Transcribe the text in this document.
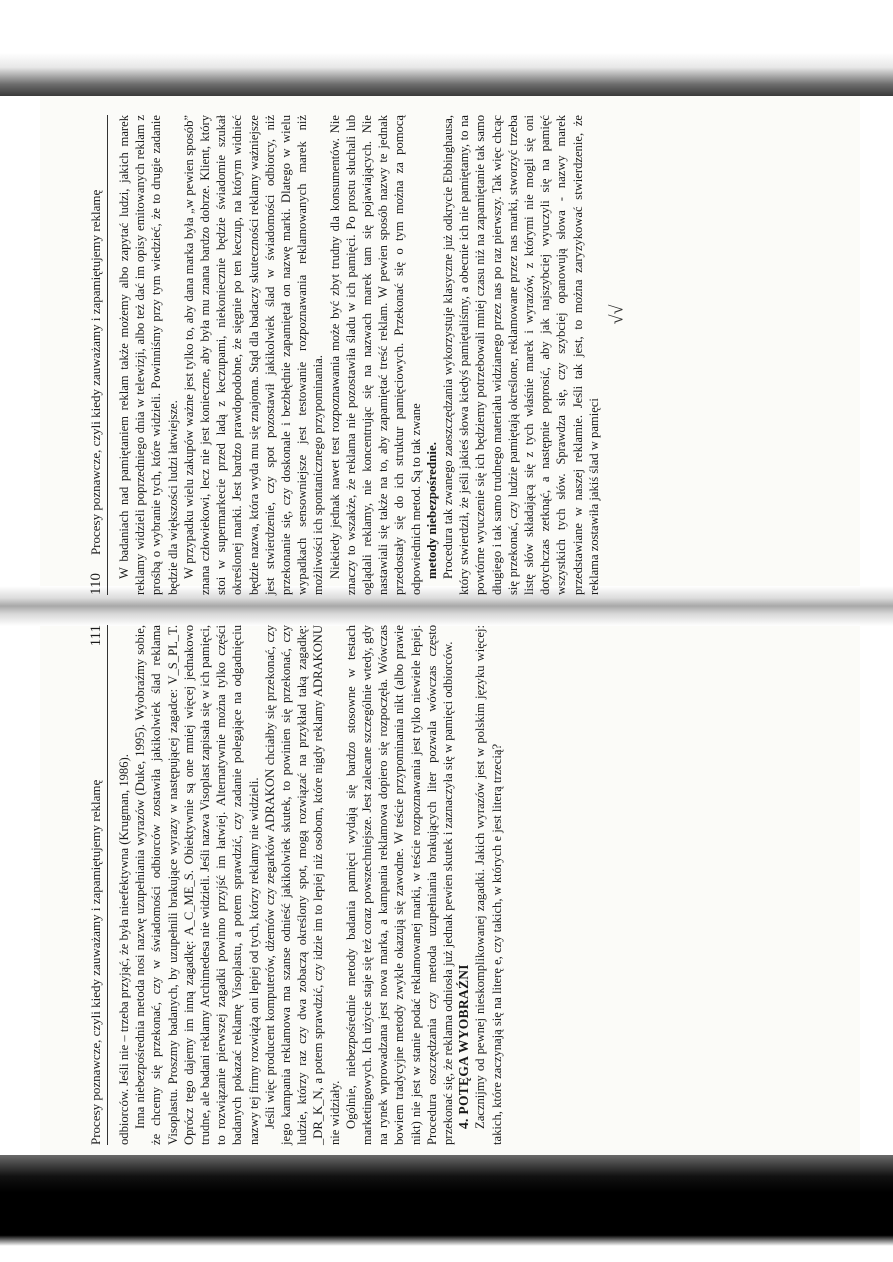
110
Procesy poznawcze, czyli kiedy zauważamy i zapamiętujemy reklamę W badaniach nad pamiętaniem reklam także możemy albo zapytać ludzi, jakich marek reklamy widzieli poprzedniego dnia w telewizji, albo też dać im opisy emitowanych reklam z prośbą o wybranie tych, które widzieli. Powinniśmy przy tym wiedzieć, że to drugie zadanie będzie dla większości ludzi łatwiejsze. W przypadku wielu zakupów ważne jest tylko to, aby dana marka była „w pewien sposób” znana człowiekowi, lecz nie jest konieczne, aby była mu znana bardzo dobrze. Klient, który stoi w supermarkecie przed ladą z keczupami, niekoniecznie będzie świadomie szukał określonej marki. Jest bardzo prawdopodobne, że sięgnie po ten keczup, na którym widnieć będzie nazwa, która wyda mu się znajoma. Stąd dla badaczy skuteczności reklamy ważniejsze jest stwierdzenie, czy spot pozostawił jakikolwiek ślad w świadomości odbiorcy, niż przekonanie się, czy doskonale i bezbłędnie zapamiętał on nazwę marki. Dlatego w wielu wypadkach sensowniejsze jest testowanie rozpoznawania reklamowanych marek niż możliwości ich spontanicznego przypominania. Niekiedy jednak nawet test rozpoznawania może być zbyt trudny dla konsumentów. Nie znaczy to wszakże, że reklama nie pozostawiła śladu w ich pamięci. Po prostu słuchali lub oglądali reklamy, nie koncentrując się na nazwach marek tam się pojawiających. Nie nastawiali się także na to, aby zapamiętać treść reklam. W pewien sposób nazwy te jednak przedostały się do ich struktur pamięciowych. Przekonać się o tym można za pomocą odpowiednich metod. Są to tak zwane metody niebezpośrednie. Procedura tak zwanego zaoszczędzania wykorzystuje klasyczne już odkrycie Ebbinghausa, który stwierdził, że jeśli jakieś słowa kiedyś pamiętaliśmy, a obecnie ich nie pamiętamy, to na powtórne wyuczenie się ich będziemy potrzebowali mniej czasu niż na zapamiętanie tak samo długiego i tak samo trudnego materiału widzianego przez nas po raz pierwszy. Tak więc chcąc się przekonać, czy ludzie pamiętają określone, reklamowane przez nas marki, stworzyć trzeba listę słów składającą się z tych właśnie marek i wyrazów, z którymi nie mogli się oni dotychczas zetknąć, a następnie poprosić, aby jak najszybciej wyuczyli się na pamięć wszystkich tych słów. Sprawdza się, czy szybciej opanowują słowa - nazwy marek przedstawiane w naszej reklamie. Jeśli tak jest, to można zaryzykować stwierdzenie, że reklama zostawiła jakiś ślad w pamięci

Procesy poznawcze, czyli kiedy zauważamy i zapamiętujemy reklamę
111

odbiorców. Jeśli nie – trzeba przyjąć, że była nieefektywna (Krugman, 1986). Inna niebezpośrednia metoda nosi nazwę uzupełniania wyrazów (Duke, 1995). Wyobraźmy sobie, że chcemy się przekonać, czy w świadomości odbiorców zostawiła jakikolwiek ślad reklama Visoplastu. Proszmy badanych, by uzupełnili brakujące wyrazy w następującej zagadce: V_S_PL_T. Oprócz tego dajemy im inną zagadkę: A_C_ME_S. Obiektywnie są one mniej więcej jednakowo trudne, ale badani reklamy Archimedesa nie widzieli. Jeśli nazwa Visoplast zapisała się w ich pamięci, to rozwiązanie pierwszej zagadki powinno przyjść im łatwiej. Alternatywnie można tylko części badanych pokazać reklamę Visoplastu, a potem sprawdzić, czy zadanie polegające na odgadnięciu nazwy tej firmy rozwiążą oni lepiej od tych, którzy reklamy nie widzieli. Jeśli więc producent komputerów, dżemów czy zegarków ADRAKON chciałby się przekonać, czy jego kampania reklamowa ma szanse odnieść jakikolwiek skutek, to powinien się przekonać, czy ludzie, którzy raz czy dwa zobaczą określony spot, mogą rozwiązać na przykład taką zagadkę: _DR_K_N, a potem sprawdzić, czy idzie im to lepiej niż osobom, które nigdy reklamy ADRAKONU nie widziały. Ogólnie, niebezpośrednie metody badania pamięci wydają się bardzo stosowne w testach marketingowych. Ich użycie staje się też coraz powszechniejsze. Jest zalecane szczególnie wtedy, gdy na rynek wprowadzana jest nowa marka, a kampania reklamowa dopiero się rozpoczęła. Wówczas bowiem tradycyjne metody zwykle okazują się zawodne. W teście przypominania nikt (albo prawie nikt) nie jest w stanie podać reklamowanej marki, w teście rozpoznawania jest tylko niewiele lepiej. Procedura oszczędzania czy metoda uzupełniania brakujących liter pozwala wówczas często przekonać się, że reklama odniosła już jednak pewien skutek i zaznaczyła się w pamięci odbiorców. 4. POTĘGA WYOBRAŹNI Zacznijmy od pewnej nieskomplikowanej zagadki. Jakich wyrazów jest w polskim języku więcej: takich, które zaczynają się na literę e, czy takich, w których e jest literą trzecią?

√√
